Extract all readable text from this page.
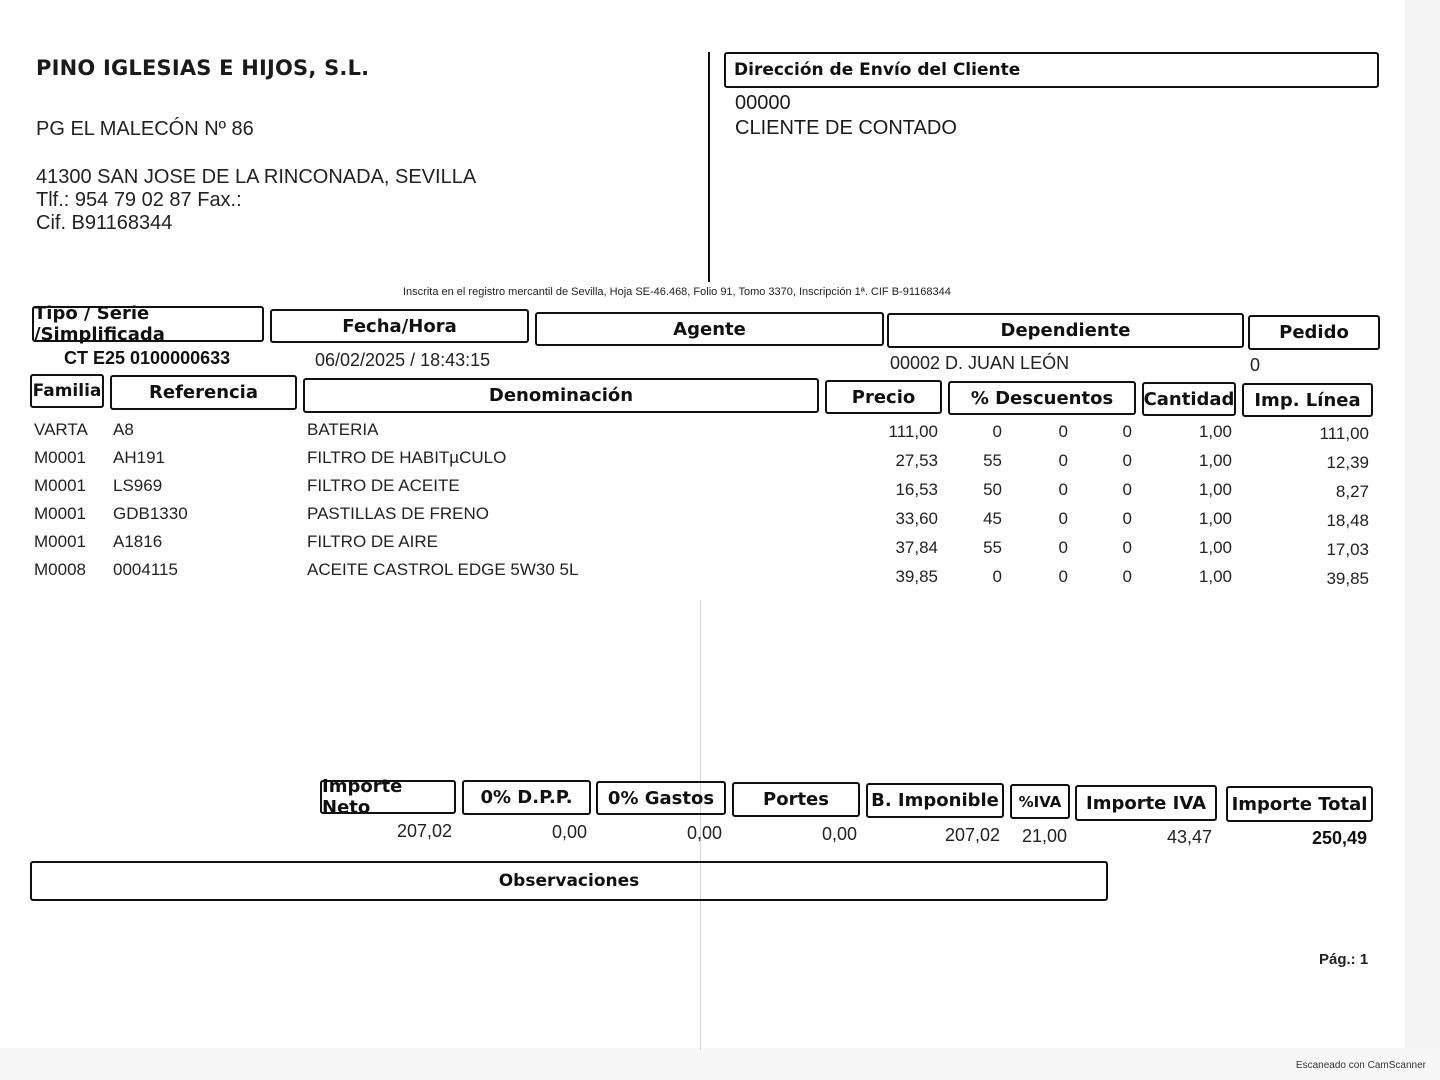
PINO IGLESIAS E HIJOS, S.L.
PG EL MALECÓN Nº 86
41300 SAN JOSE DE LA RINCONADA, SEVILLA
Tlf.: 954 79 02 87 Fax.:
Cif. B91168344
Dirección de Envío del Cliente
00000
CLIENTE DE CONTADO
Inscrita en el registro mercantil de Sevilla, Hoja SE-46.468, Folio 91, Tomo 3370, Inscripción 1ª. CIF B-91168344
Tipo / Serie /Simplificada	Fecha/Hora	Agente	Dependiente	Pedido
CT E25 0100000633	06/02/2025 / 18:43:15	00002 D. JUAN LEÓN	0
Familia	Referencia	Denominación	Precio	% Descuentos	Cantidad	Imp. Línea
VARTA A8	BATERIA	111,00	0	0	0	1,00	111,00
M0001 AH191	FILTRO DE HABITµCULO	27,53	55	0	0	1,00	12,39
M0001 LS969	FILTRO DE ACEITE	16,53	50	0	0	1,00	8,27
M0001 GDB1330	PASTILLAS DE FRENO	33,60	45	0	0	1,00	18,48
M0001 A1816	FILTRO DE AIRE	37,84	55	0	0	1,00	17,03
M0008 0004115	ACEITE CASTROL EDGE 5W30 5L	39,85	0	0	0	1,00	39,85
Importe Neto	0% D.P.P.	0% Gastos	Portes	B. Imponible	%IVA	Importe IVA	Importe Total
207,02	0,00	0,00	0,00	207,02 21,00	43,47	250,49
Observaciones
Pág.: 1
Escaneado con CamScanner
